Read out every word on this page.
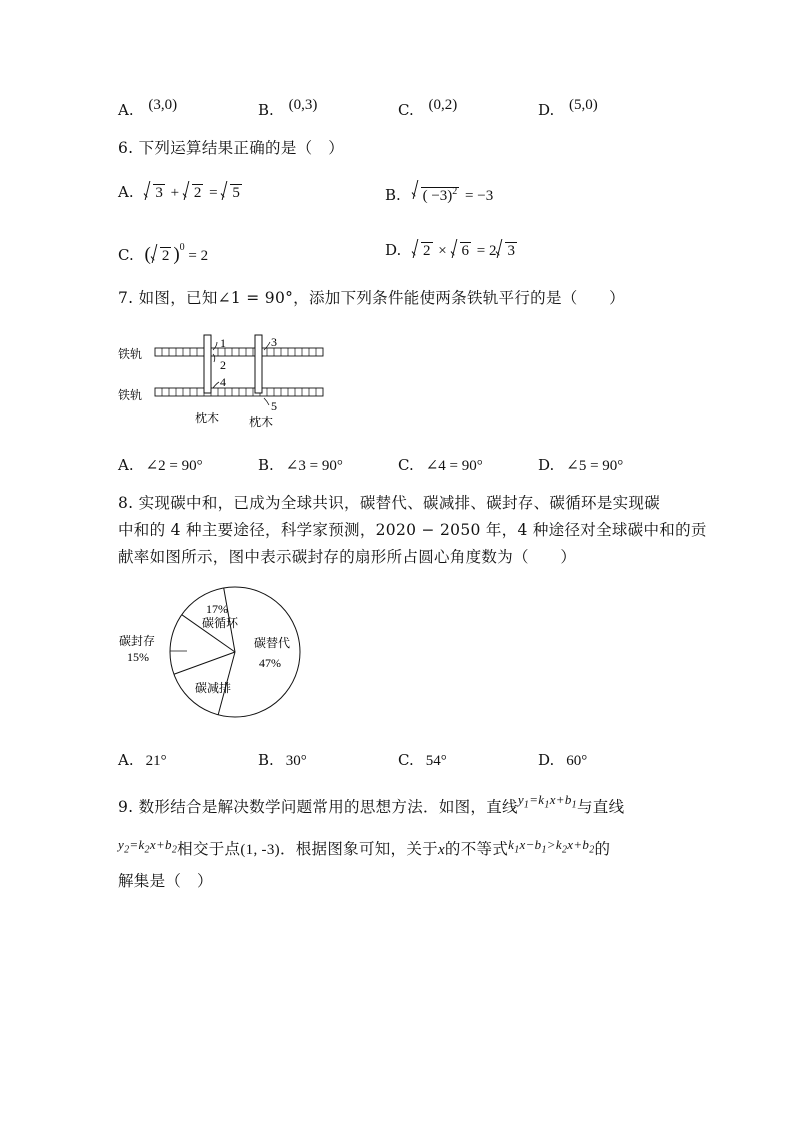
A. (3,0)	B. (0,3)	C. (0,2)	D. (5,0)
6. 下列运算结果正确的是（　）
A. 3 + 2 = 5	B. ( −3)$^2$ = −3
C. ( 2 )$^0$ = 2	D. 2 × 6 = 2 3
7. 如图，已知∠1 = 90°，添加下列条件能使两条铁轨平行的是（　　）
1
2
3
4
5
铁轨
铁轨
枕木 枕木
A. ∠2 = 90°	B. ∠3 = 90°	C. ∠4 = 90°	D. ∠5 = 90°
8. 实现碳中和，已成为全球共识，碳替代、碳减排、碳封存、碳循环是实现碳
中和的 4 种主要途径，科学家预测，2020 − 2050 年，4 种途径对全球碳中和的贡
献率如图所示，图中表示碳封存的扇形所占圆心角度数为（　　）
17%
碳循环
碳替代
47%
碳封存
15%
碳减排
A. 21°	B. 30°	C. 54°	D. 60°
9. 数形结合是解决数学问题常用的思想方法．如图，直线$^{y_1=k_1x+b_1}$与直线
$^{y_2=k_2x+b_2}$相交于点(1, -3)．根据图象可知，关于x的不等式$^{k_1x-b_1>k_2x+b_2}$的
解集是（　）
